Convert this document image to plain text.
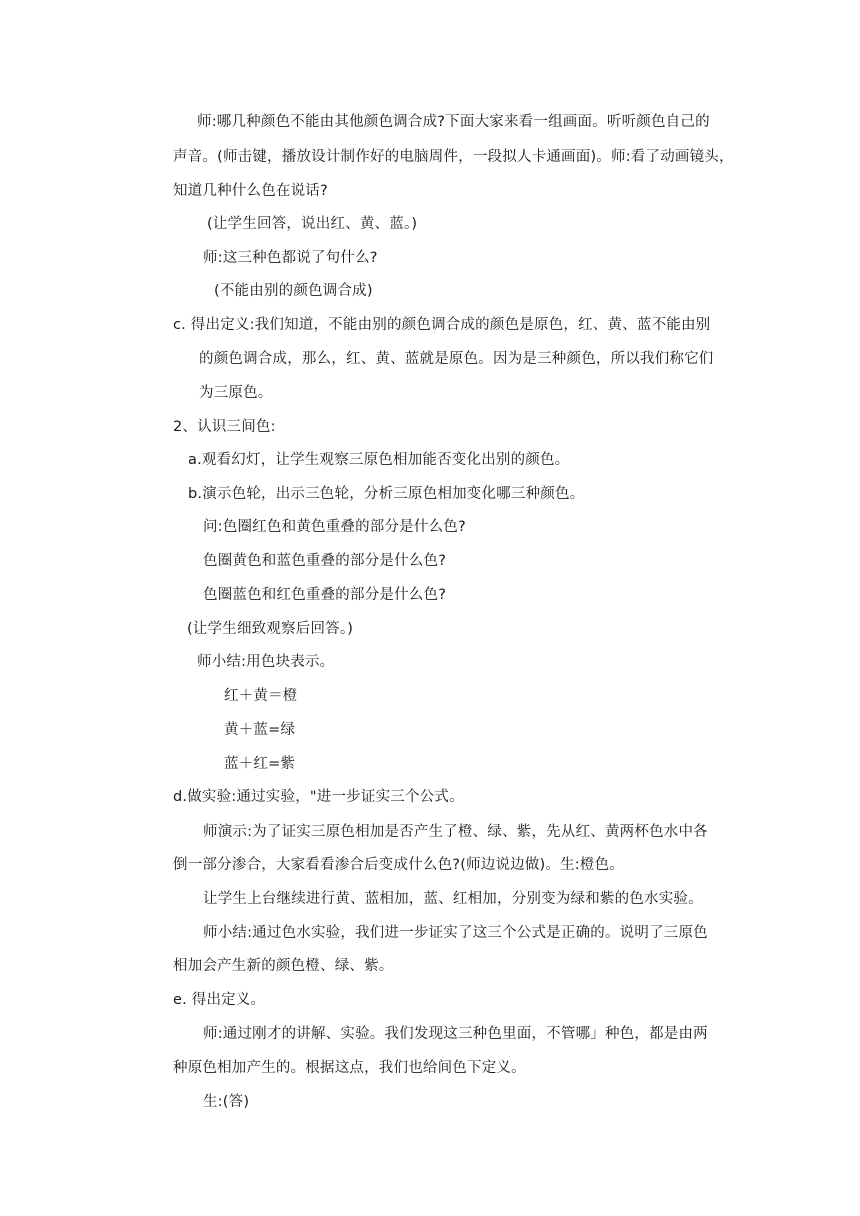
师:哪几种颜色不能由其他颜色调合成?下面大家来看一组画面。听听颜色自己的
声音。(师击键，播放设计制作好的电脑周件，一段拟人卡通画面)。师:看了动画镜头，
知道几种什么色在说话?
(让学生回答，说出红、黄、蓝。)
师:这三种色都说了句什么?
(不能由别的颜色调合成)
c. 得出定义:我们知道，不能由别的颜色调合成的颜色是原色，红、黄、蓝不能由别
的颜色调合成，那么，红、黄、蓝就是原色。因为是三种颜色，所以我们称它们
为三原色。
2、认识三间色:
a.观看幻灯，让学生观察三原色相加能否变化出别的颜色。
b.演示色轮，出示三色轮，分析三原色相加变化哪三种颜色。
问:色圈红色和黄色重叠的部分是什么色?
色圈黄色和蓝色重叠的部分是什么色?
色圈蓝色和红色重叠的部分是什么色?
(让学生细致观察后回答。)
师小结:用色块表示。
红＋黄＝橙
黄＋蓝=绿
蓝＋红=紫
d.做实验:通过实验，"进一步证实三个公式。
师演示:为了证实三原色相加是否产生了橙、绿、紫，先从红、黄两杯色水中各
倒一部分渗合，大家看看渗合后变成什么色?(师边说边做)。生:橙色。
让学生上台继续进行黄、蓝相加，蓝、红相加，分别变为绿和紫的色水实验。
师小结:通过色水实验，我们进一步证实了这三个公式是正确的。说明了三原色
相加会产生新的颜色橙、绿、紫。
e. 得出定义。
师:通过刚才的讲解、实验。我们发现这三种色里面，不管哪」种色，都是由两
种原色相加产生的。根据这点，我们也给间色下定义。
生:(答)
